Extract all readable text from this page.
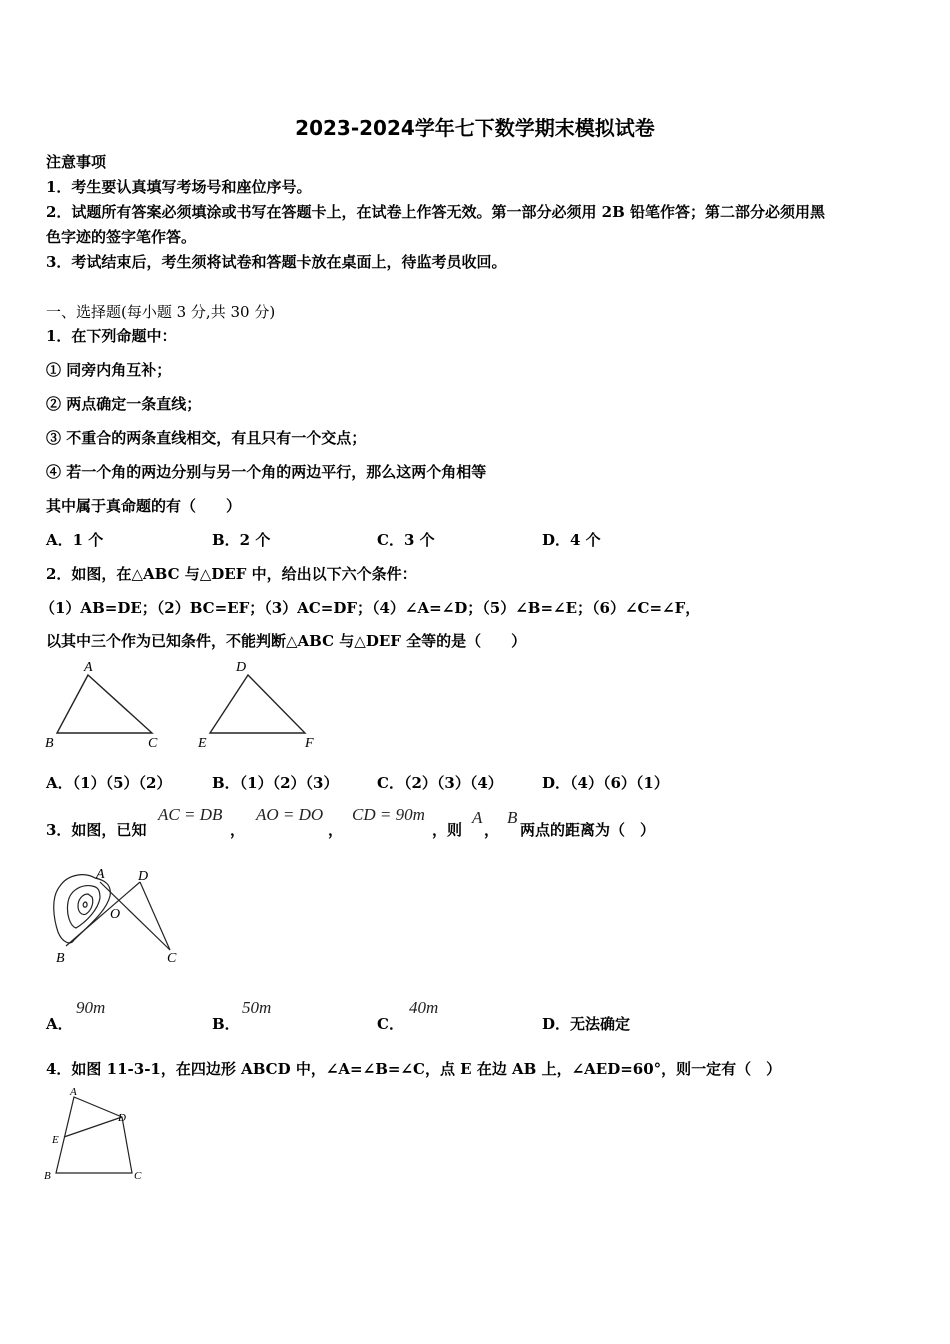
2023-2024学年七下数学期末模拟试卷
注意事项
1．考生要认真填写考场号和座位序号。
2．试题所有答案必须填涂或书写在答题卡上，在试卷上作答无效。第一部分必须用 2B 铅笔作答；第二部分必须用黑
色字迹的签字笔作答。
3．考试结束后，考生须将试卷和答题卡放在桌面上，待监考员收回。
一、选择题(每小题 3 分,共 30 分)
1．在下列命题中：
① 同旁内角互补；
② 两点确定一条直线；
③ 不重合的两条直线相交，有且只有一个交点；
④ 若一个角的两边分别与另一个角的两边平行，那么这两个角相等
其中属于真命题的有（　　）
A．1 个	B．2 个	C．3 个	D．4 个
2．如图，在△ABC 与△DEF 中，给出以下六个条件：
（1）AB=DE；（2）BC=EF；（3）AC=DF；（4）∠A=∠D；（5）∠B=∠E；（6）∠C=∠F，
以其中三个作为已知条件，不能判断△ABC 与△DEF 全等的是（　　）
A
B	C
D
E	F
A．（1）（5）（2）	B．（1）（2）（3）	C．（2）（3）（4）	D．（4）（6）（1）
3．如图，已知
AC = DB
，
AO = DO
，
CD = 90m
，则
A
，
B
两点的距离为（　）
A D
O
B	C
A．
90m
B．
50m
C．
40m
D．无法确定
4．如图 11-3-1，在四边形 ABCD 中，∠A=∠B=∠C，点 E 在边 AB 上，∠AED=60°，则一定有（　）
A
D
E
B	C
